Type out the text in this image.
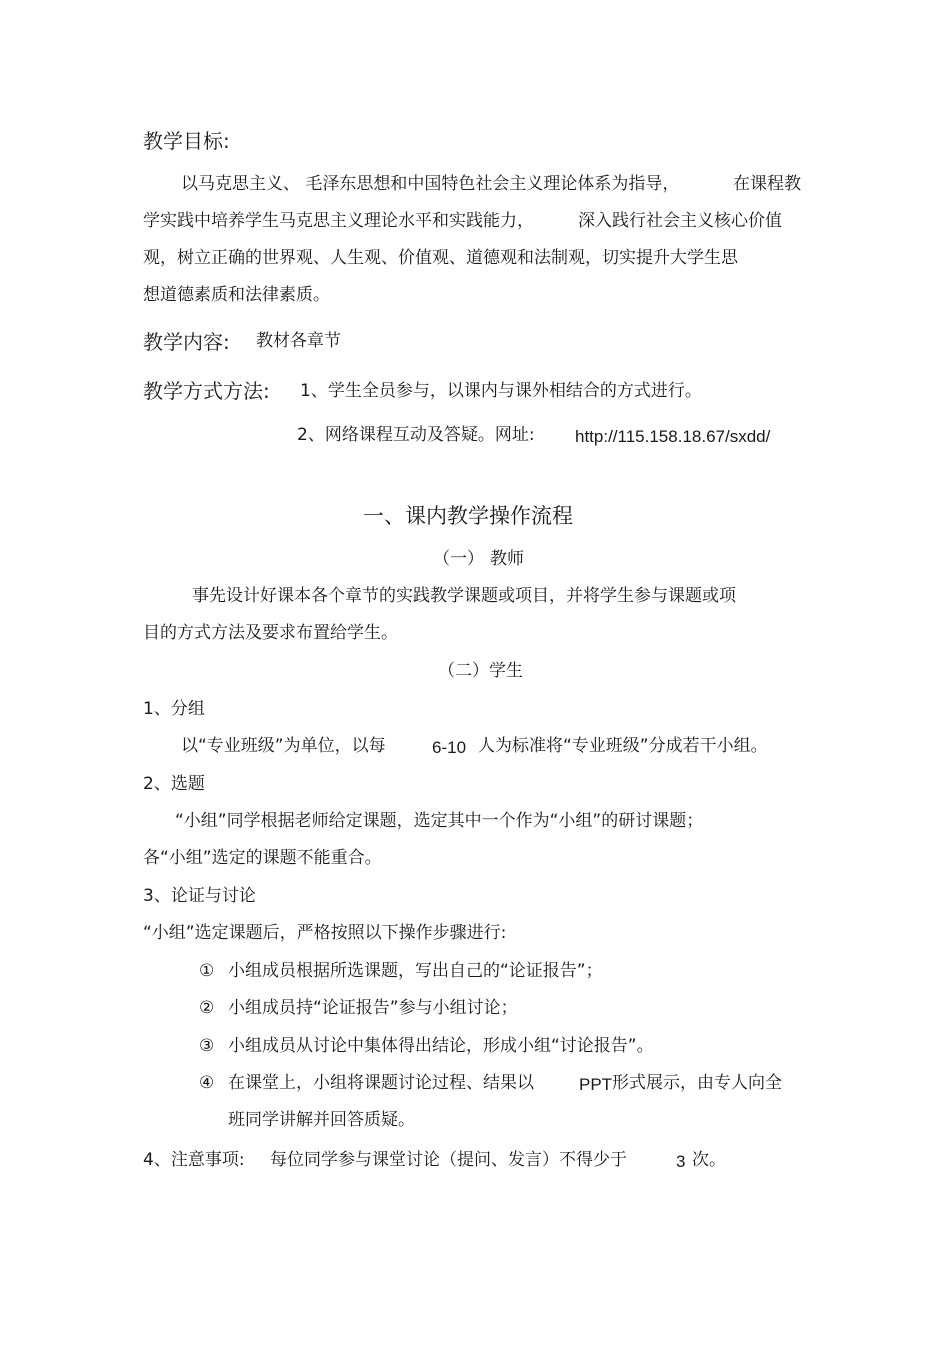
教学目标:
以马克思主义、 毛泽东思想和中国特色社会主义理论体系为指导，	在课程教
学实践中培养学生马克思主义理论水平和实践能力，	深入践行社会主义核心价值
观，树立正确的世界观、人生观、价值观、道德观和法制观，切实提升大学生思
想道德素质和法律素质。
教学内容: 教材各章节
教学方式方法: 1、学生全员参与，以课内与课外相结合的方式进行。
2、网络课程互动及答疑。网址: http://115.158.18.67/sxdd/
一、课内教学操作流程
（一） 教师
事先设计好课本各个章节的实践教学课题或项目，并将学生参与课题或项
目的方式方法及要求布置给学生。
（二）学生
1、分组
以“专业班级”为单位，以每	6-10 人为标准将“专业班级”分成若干小组。
2、选题
“小组”同学根据老师给定课题，选定其中一个作为“小组”的研讨课题；
各“小组”选定的课题不能重合。
3、论证与讨论
“小组”选定课题后，严格按照以下操作步骤进行:
① 小组成员根据所选课题，写出自己的“论证报告”；
② 小组成员持“论证报告”参与小组讨论；
③ 小组成员从讨论中集体得出结论，形成小组“讨论报告”。
④ 在课堂上，小组将课题讨论过程、结果以	PPT 形式展示，由专人向全
班同学讲解并回答质疑。
4、注意事项: 每位同学参与课堂讨论（提问、发言）不得少于	3 次。
